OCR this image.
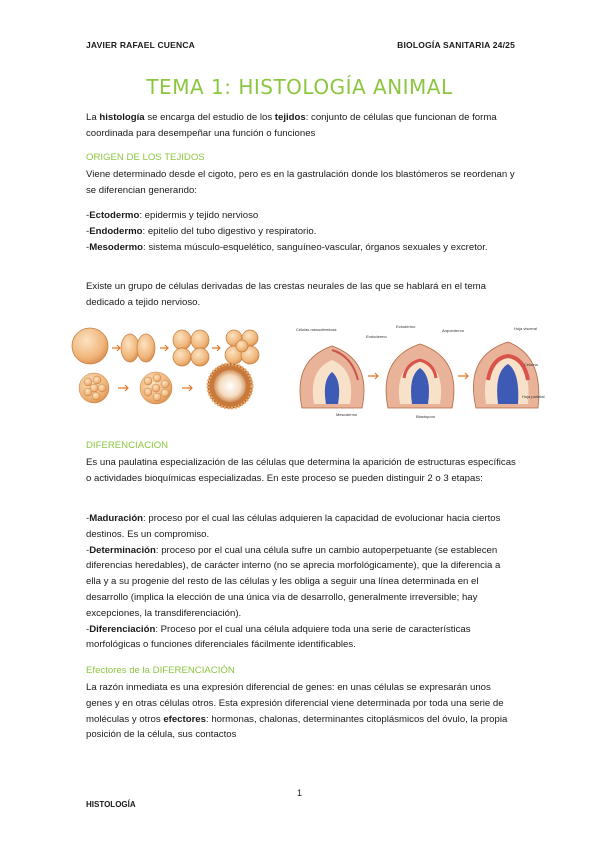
JAVIER RAFAEL CUENCA	BIOLOGÍA SANITARIA 24/25
TEMA 1: HISTOLOGÍA ANIMAL
La histología se encarga del estudio de los tejidos: conjunto de células que funcionan de forma coordinada para desempeñar una función o funciones
ORIGEN DE LOS TEJIDOS
Viene determinado desde el cigoto, pero es en la gastrulación donde los blastómeros se reordenan y se diferencian generando:
-Ectodermo: epidermis y tejido nervioso
-Endodermo: epitelio del tubo digestivo y respiratorio.
-Mesodermo: sistema músculo-esquelético, sanguíneo-vascular, órganos sexuales y excretor.
Existe un grupo de células derivadas de las crestas neurales de las que se hablará en el tema dedicado a tejido nervioso.
Células mesodérmicas
Ectodermo
Arquenteron	Hoja visceral
Endodermo
Celoma
Mesodermo	Blastoporo
Hoja parietal
DIFERENCIACION
Es una paulatina especialización de las células que determina la aparición de estructuras específicas o actividades bioquímicas especializadas. En este proceso se pueden distinguir 2 o 3 etapas:
-Maduración: proceso por el cual las células adquieren la capacidad de evolucionar hacia ciertos destinos. Es un compromiso.
-Determinación: proceso por el cual una célula sufre un cambio autoperpetuante (se establecen diferencias heredables), de carácter interno (no se aprecia morfológicamente), que la diferencia a ella y a su progenie del resto de las células y les obliga a seguir una línea determinada en el desarrollo (implica la elección de una única vía de desarrollo, generalmente irreversible; hay excepciones, la transdiferenciación).
-Diferenciación: Proceso por el cual una célula adquiere toda una serie de características morfológicas o funciones diferenciales fácilmente identificables.
Efectores de la DIFERENCIACIÓN
La razón inmediata es una expresión diferencial de genes: en unas células se expresarán unos genes y en otras células otros. Esta expresión diferencial viene determinada por toda una serie de moléculas y otros efectores: hormonas, chalonas, determinantes citoplásmicos del óvulo, la propia posición de la célula, sus contactos
1
HISTOLOGÍA
